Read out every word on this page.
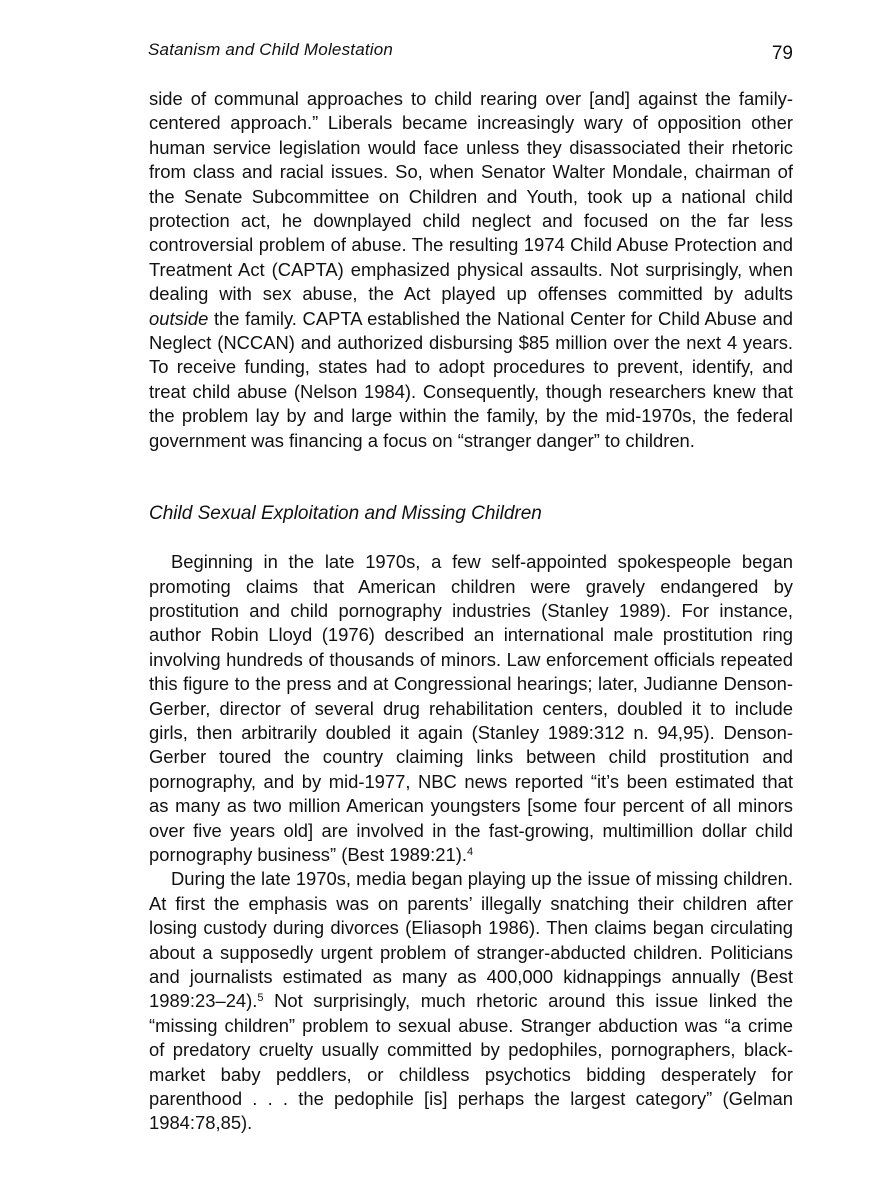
Satanism and Child Molestation	79

side of communal approaches to child rearing over [and] against the family-centered approach.” Liberals became increasingly wary of opposition other human service legislation would face unless they disassociated their rhetoric from class and racial issues. So, when Senator Walter Mondale, chairman of the Senate Subcommittee on Children and Youth, took up a national child protection act, he downplayed child neglect and focused on the far less controversial problem of abuse. The resulting 1974 Child Abuse Protection and Treatment Act (CAPTA) emphasized physical assaults. Not surprisingly, when dealing with sex abuse, the Act played up offenses committed by adults outside the family. CAPTA established the National Center for Child Abuse and Neglect (NCCAN) and authorized disbursing $85 million over the next 4 years. To receive funding, states had to adopt procedures to prevent, identify, and treat child abuse (Nelson 1984). Consequently, though researchers knew that the problem lay by and large within the family, by the mid-1970s, the federal government was financing a focus on “stranger danger” to children.

Child Sexual Exploitation and Missing Children

Beginning in the late 1970s, a few self-appointed spokespeople began promoting claims that American children were gravely endangered by prostitution and child pornography industries (Stanley 1989). For instance, author Robin Lloyd (1976) described an international male prostitution ring involving hundreds of thousands of minors. Law enforcement officials repeated this figure to the press and at Congressional hearings; later, Judianne Denson-Gerber, director of several drug rehabilitation centers, doubled it to include girls, then arbitrarily doubled it again (Stanley 1989:312 n. 94,95). Denson-Gerber toured the country claiming links between child prostitution and pornography, and by mid-1977, NBC news reported “it’s been estimated that as many as two million American youngsters [some four percent of all minors over five years old] are involved in the fast-growing, multimillion dollar child pornography business” (Best 1989:21).$^4$

During the late 1970s, media began playing up the issue of missing children. At first the emphasis was on parents’ illegally snatching their children after losing custody during divorces (Eliasoph 1986). Then claims began circulating about a supposedly urgent problem of stranger-abducted children. Politicians and journalists estimated as many as 400,000 kidnappings annually (Best 1989:23–24).$^5$ Not surprisingly, much rhetoric around this issue linked the “missing children” problem to sexual abuse. Stranger abduction was “a crime of predatory cruelty usually committed by pedophiles, pornographers, black-market baby peddlers, or childless psychotics bidding desperately for parenthood . . . the pedophile [is] perhaps the largest category” (Gelman 1984:78,85).
